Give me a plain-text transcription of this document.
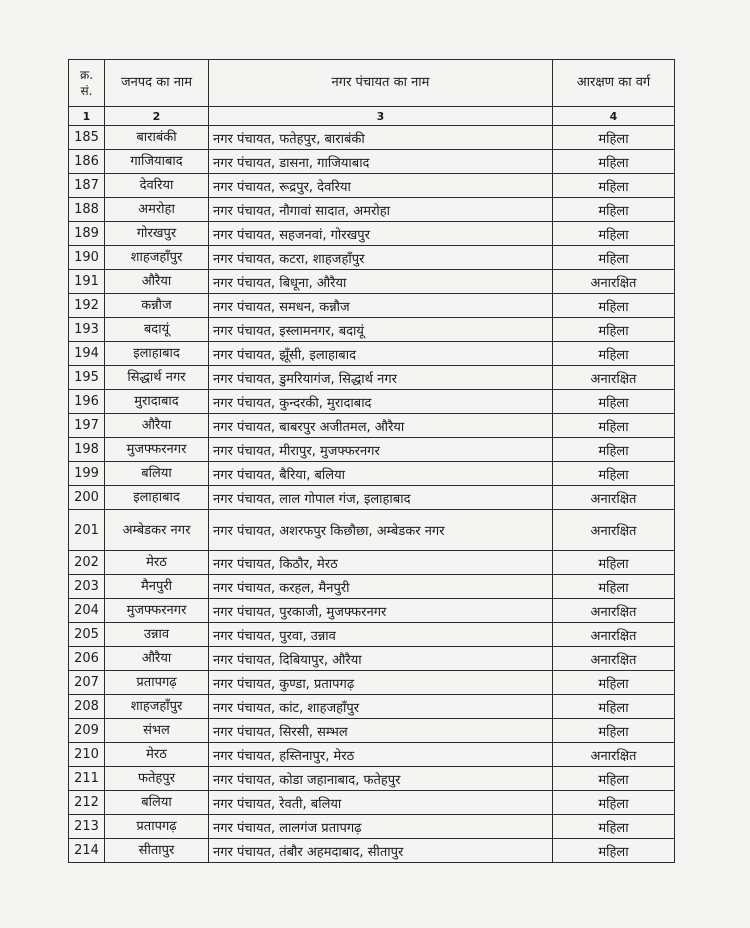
क्र. सं.	जनपद का नाम	नगर पंचायत का नाम	आरक्षण का वर्ग
1	2	3	4
185	बाराबंकी	नगर पंचायत, फतेहपुर, बाराबंकी	महिला
186	गाजियाबाद	नगर पंचायत, डासना, गाजियाबाद	महिला
187	देवरिया	नगर पंचायत, रूद्रपुर, देवरिया	महिला
188	अमरोहा	नगर पंचायत, नौगावां सादात, अमरोहा	महिला
189	गोरखपुर	नगर पंचायत, सहजनवां, गोरखपुर	महिला
190	शाहजहाँपुर	नगर पंचायत, कटरा, शाहजहाँपुर	महिला
191	औरैया	नगर पंचायत, बिधूना, औरैया	अनारक्षित
192	कन्नौज	नगर पंचायत, समधन, कन्नौज	महिला
193	बदायूं	नगर पंचायत, इस्लामनगर, बदायूं	महिला
194	इलाहाबाद	नगर पंचायत, झूँसी, इलाहाबाद	महिला
195	सिद्धार्थ नगर	नगर पंचायत, डुमरियागंज, सिद्धार्थ नगर	अनारक्षित
196	मुरादाबाद	नगर पंचायत, कुन्दरकी, मुरादाबाद	महिला
197	औरैया	नगर पंचायत, बाबरपुर अजीतमल, औरैया	महिला
198	मुजफ्फरनगर	नगर पंचायत, मीरापुर, मुजफ्फरनगर	महिला
199	बलिया	नगर पंचायत, बैरिया, बलिया	महिला
200	इलाहाबाद	नगर पंचायत, लाल गोपाल गंज, इलाहाबाद	अनारक्षित
201	अम्बेडकर नगर	नगर पंचायत, अशरफपुर किछौछा, अम्बेडकर नगर	अनारक्षित
202	मेरठ	नगर पंचायत, किठौर, मेरठ	महिला
203	मैनपुरी	नगर पंचायत, करहल, मैनपुरी	महिला
204	मुजफ्फरनगर	नगर पंचायत, पुरकाजी, मुजफ्फरनगर	अनारक्षित
205	उन्नाव	नगर पंचायत, पुरवा, उन्नाव	अनारक्षित
206	औरैया	नगर पंचायत, दिबियापुर, औरैया	अनारक्षित
207	प्रतापगढ़	नगर पंचायत, कुण्डा, प्रतापगढ़	महिला
208	शाहजहाँपुर	नगर पंचायत, कांट, शाहजहाँपुर	महिला
209	संभल	नगर पंचायत, सिरसी, सम्भल	महिला
210	मेरठ	नगर पंचायत, हस्तिनापुर, मेरठ	अनारक्षित
211	फतेहपुर	नगर पंचायत, कोडा जहानाबाद, फतेहपुर	महिला
212	बलिया	नगर पंचायत, रेवती, बलिया	महिला
213	प्रतापगढ़	नगर पंचायत, लालगंज प्रतापगढ़	महिला
214	सीतापुर	नगर पंचायत, तंबौर अहमदाबाद, सीतापुर	महिला
